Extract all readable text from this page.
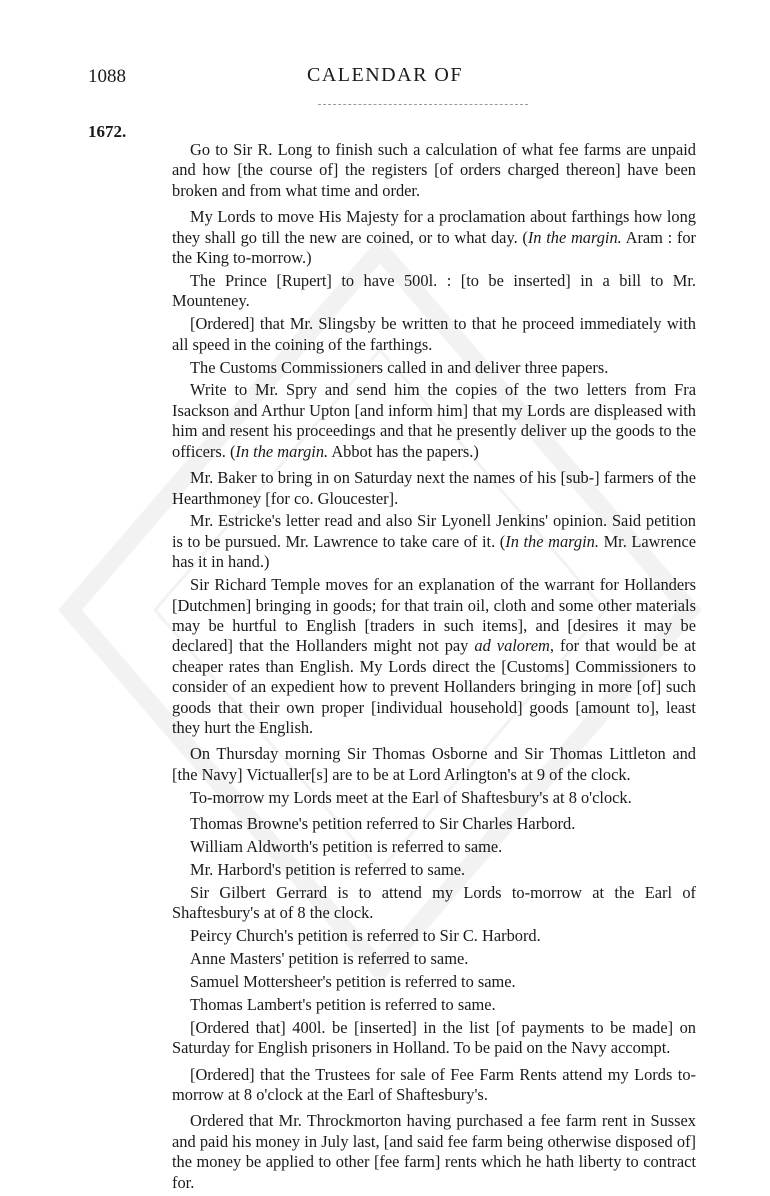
1088	CALENDAR OF
1672.

Go to Sir R. Long to finish such a calculation of what fee farms are unpaid and how [the course of] the registers [of orders charged thereon] have been broken and from what time and order.

My Lords to move His Majesty for a proclamation about farthings how long they shall go till the new are coined, or to what day. (In the margin. Aram : for the King to-morrow.)

The Prince [Rupert] to have 500l. : [to be inserted] in a bill to Mr. Mounteney.

[Ordered] that Mr. Slingsby be written to that he proceed immediately with all speed in the coining of the farthings.

The Customs Commissioners called in and deliver three papers.

Write to Mr. Spry and send him the copies of the two letters from Fra Isackson and Arthur Upton [and inform him] that my Lords are displeased with him and resent his proceedings and that he presently deliver up the goods to the officers. (In the margin. Abbot has the papers.)

Mr. Baker to bring in on Saturday next the names of his [sub-] farmers of the Hearthmoney [for co. Gloucester].

Mr. Estricke's letter read and also Sir Lyonell Jenkins' opinion. Said petition is to be pursued. Mr. Lawrence to take care of it. (In the margin. Mr. Lawrence has it in hand.)

Sir Richard Temple moves for an explanation of the warrant for Hollanders [Dutchmen] bringing in goods; for that train oil, cloth and some other materials may be hurtful to English [traders in such items], and [desires it may be declared] that the Hollanders might not pay ad valorem, for that would be at cheaper rates than English. My Lords direct the [Customs] Commissioners to consider of an expedient how to prevent Hollanders bringing in more [of] such goods that their own proper [individual household] goods [amount to], least they hurt the English.

On Thursday morning Sir Thomas Osborne and Sir Thomas Littleton and [the Navy] Victualler[s] are to be at Lord Arlington's at 9 of the clock.

To-morrow my Lords meet at the Earl of Shaftesbury's at 8 o'clock.

Thomas Browne's petition referred to Sir Charles Harbord.

William Aldworth's petition is referred to same.

Mr. Harbord's petition is referred to same.

Sir Gilbert Gerrard is to attend my Lords to-morrow at the Earl of Shaftesbury's at of 8 the clock.

Peircy Church's petition is referred to Sir C. Harbord.

Anne Masters' petition is referred to same.

Samuel Mottersheer's petition is referred to same.

Thomas Lambert's petition is referred to same.

[Ordered that] 400l. be [inserted] in the list [of payments to be made] on Saturday for English prisoners in Holland. To be paid on the Navy accompt.

[Ordered] that the Trustees for sale of Fee Farm Rents attend my Lords to-morrow at 8 o'clock at the Earl of Shaftesbury's.

Ordered that Mr. Throckmorton having purchased a fee farm rent in Sussex and paid his money in July last, [and said fee farm being otherwise disposed of] the money be applied to other [fee farm] rents which he hath liberty to contract for.
